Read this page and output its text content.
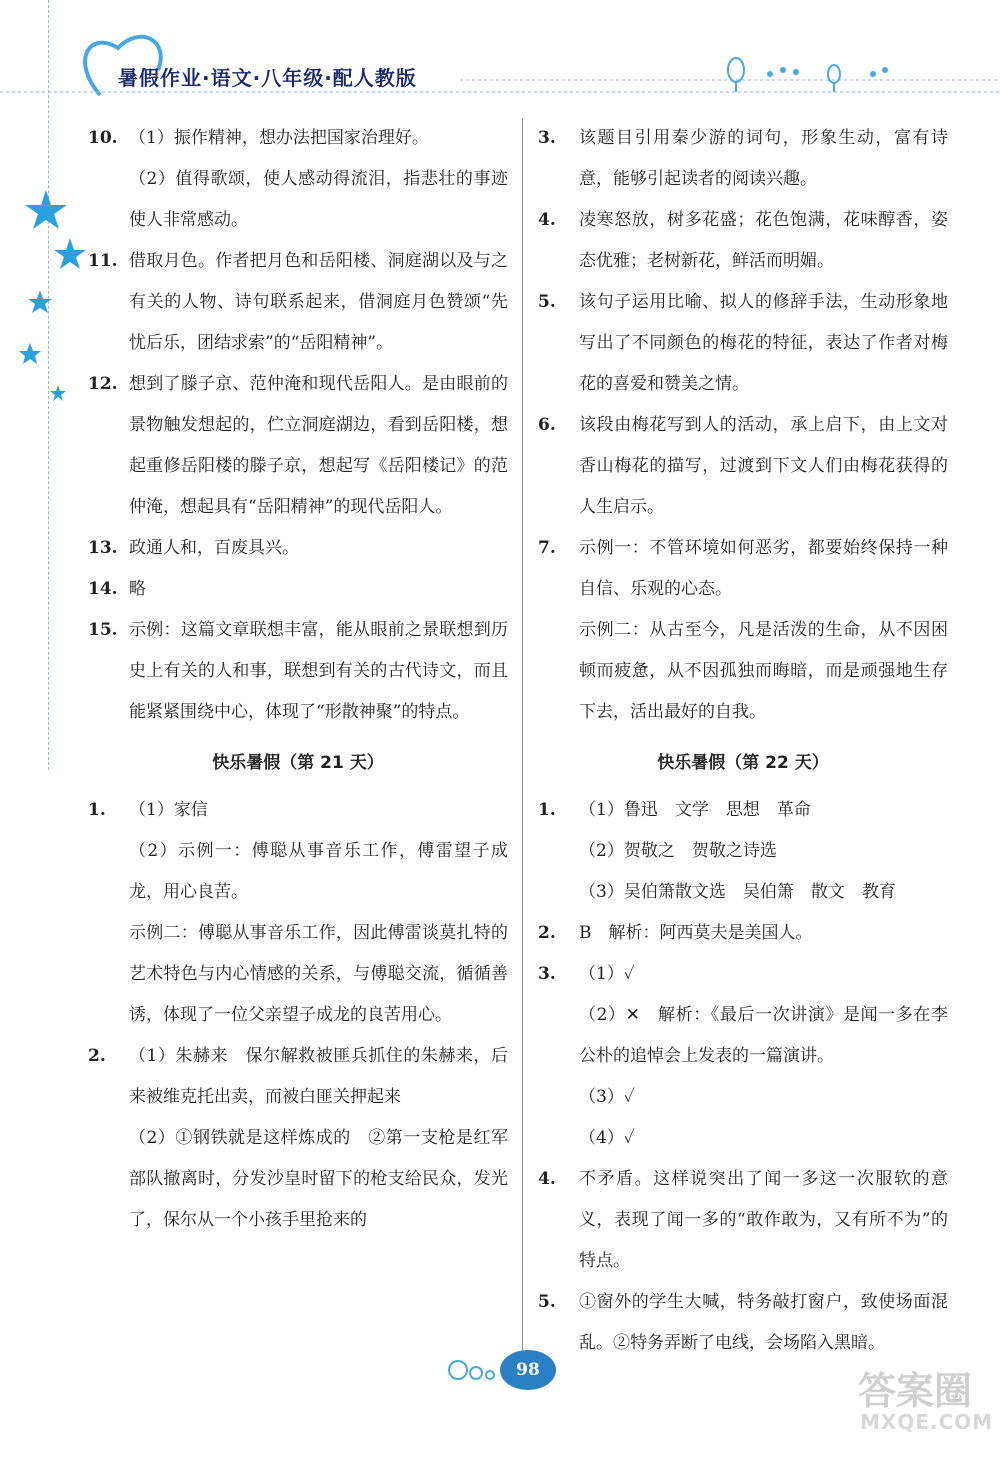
暑假作业·语文·八年级·配人教版
10. （1）振作精神，想办法把国家治理好。
（2）值得歌颂，使人感动得流泪，指悲壮的事迹使人非常感动。
11. 借取月色。作者把月色和岳阳楼、洞庭湖以及与之有关的人物、诗句联系起来，借洞庭月色赞颂“先忧后乐，团结求索”的“岳阳精神”。
12. 想到了滕子京、范仲淹和现代岳阳人。是由眼前的景物触发想起的，伫立洞庭湖边，看到岳阳楼，想起重修岳阳楼的滕子京，想起写《岳阳楼记》的范仲淹，想起具有“岳阳精神”的现代岳阳人。
13. 政通人和，百废具兴。
14. 略
15. 示例：这篇文章联想丰富，能从眼前之景联想到历史上有关的人和事，联想到有关的古代诗文，而且能紧紧围绕中心，体现了“形散神聚”的特点。
快乐暑假（第 21 天）
1. （1）家信
（2）示例一：傅聪从事音乐工作，傅雷望子成龙，用心良苦。
示例二：傅聪从事音乐工作，因此傅雷谈莫扎特的艺术特色与内心情感的关系，与傅聪交流，循循善诱，体现了一位父亲望子成龙的良苦用心。
2. （1）朱赫来　保尔解救被匪兵抓住的朱赫来，后来被维克托出卖，而被白匪关押起来
（2）①钢铁就是这样炼成的　②第一支枪是红军部队撤离时，分发沙皇时留下的枪支给民众，发光了，保尔从一个小孩手里抢来的
3. 该题目引用秦少游的词句，形象生动，富有诗意，能够引起读者的阅读兴趣。
4. 凌寒怒放，树多花盛；花色饱满，花味醇香，姿态优雅；老树新花，鲜活而明媚。
5. 该句子运用比喻、拟人的修辞手法，生动形象地写出了不同颜色的梅花的特征，表达了作者对梅花的喜爱和赞美之情。
6. 该段由梅花写到人的活动，承上启下，由上文对香山梅花的描写，过渡到下文人们由梅花获得的人生启示。
7. 示例一：不管环境如何恶劣，都要始终保持一种自信、乐观的心态。
示例二：从古至今，凡是活泼的生命，从不因困顿而疲惫，从不因孤独而晦暗，而是顽强地生存下去，活出最好的自我。
快乐暑假（第 22 天）
1. （1）鲁迅　文学　思想　革命
（2）贺敬之　贺敬之诗选
（3）吴伯箫散文选　吴伯箫　散文　教育
2. B　解析：阿西莫夫是美国人。
3. （1）✓
（2）✕　解析：《最后一次讲演》是闻一多在李公朴的追悼会上发表的一篇演讲。
（3）✓
（4）✓
4. 不矛盾。这样说突出了闻一多这一次服软的意义，表现了闻一多的“敢作敢为，又有所不为”的特点。
5. ①窗外的学生大喊，特务敲打窗户，致使场面混乱。②特务弄断了电线，会场陷入黑暗。
98	答案圈
MXQE.COM
